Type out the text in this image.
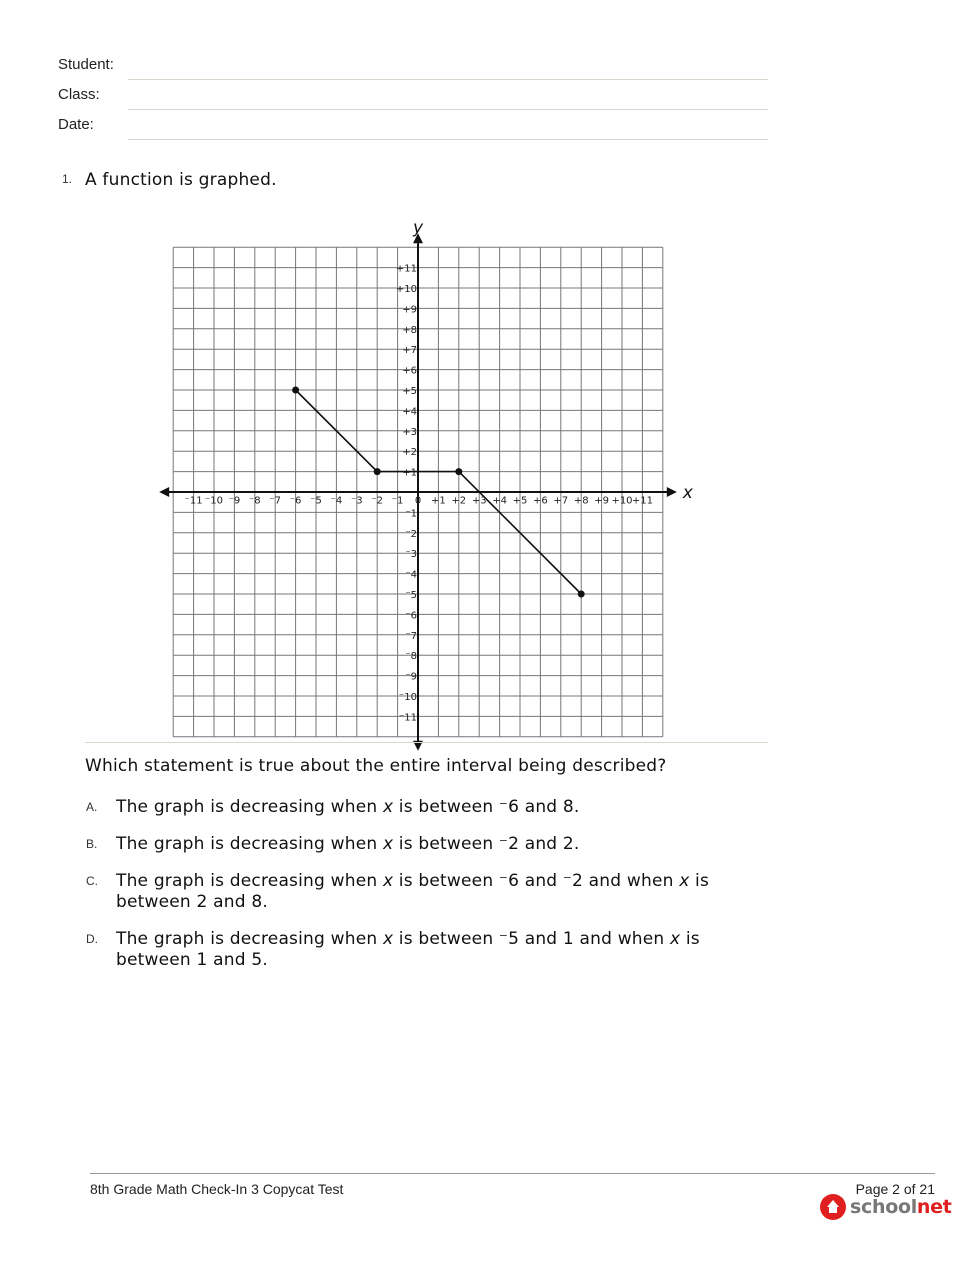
Student:
Class:
Date:
1. A function is graphed.
⁻11 ⁻10 ⁻9 ⁻8 ⁻7 ⁻6 ⁻5 ⁻4 ⁻3 ⁻2 ⁻1 0 +1 +2 +3 +4 +5 +6 +7 +8 +9 +10 +11
+11
+10
+9
+8
+7
+6
+5
+4
+3
+2
+1
⁻1
⁻2
⁻3
⁻4
⁻5
⁻6
⁻7
⁻8
⁻9
⁻10
⁻11
x
y
Which statement is true about the entire interval being described?
A. The graph is decreasing when x is between ⁻6 and 8.
B. The graph is decreasing when x is between ⁻2 and 2.
C. The graph is decreasing when x is between ⁻6 and ⁻2 and when x is between 2 and 8.
D. The graph is decreasing when x is between ⁻5 and 1 and when x is between 1 and 5.
8th Grade Math Check-In 3 Copycat Test	Page 2 of 21
schoolnet
